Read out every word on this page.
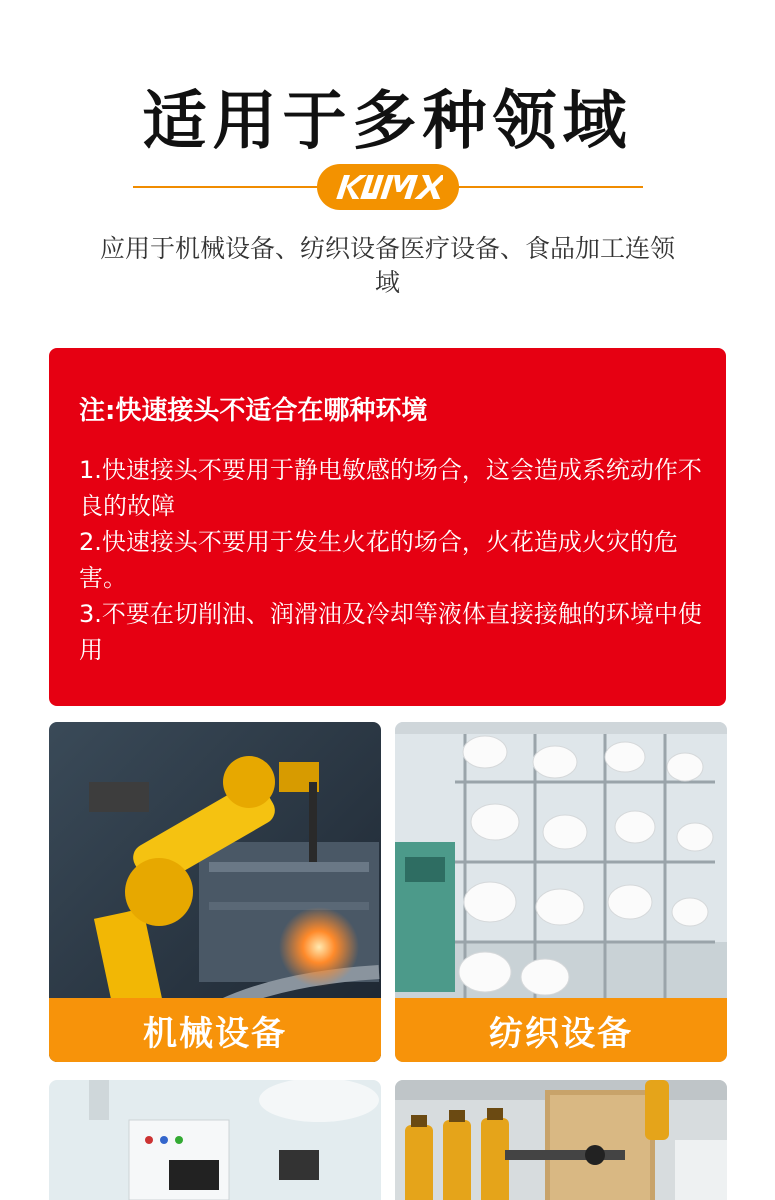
适用于多种领域
应用于机械设备、纺织设备医疗设备、食品加工连领域
注:快速接头不适合在哪种环境
1.快速接头不要用于静电敏感的场合，这会造成系统动作不良的故障
2.快速接头不要用于发生火花的场合，火花造成火灾的危害。
3.不要在切削油、润滑油及冷却等液体直接接触的环境中使用
机械设备	纺织设备
